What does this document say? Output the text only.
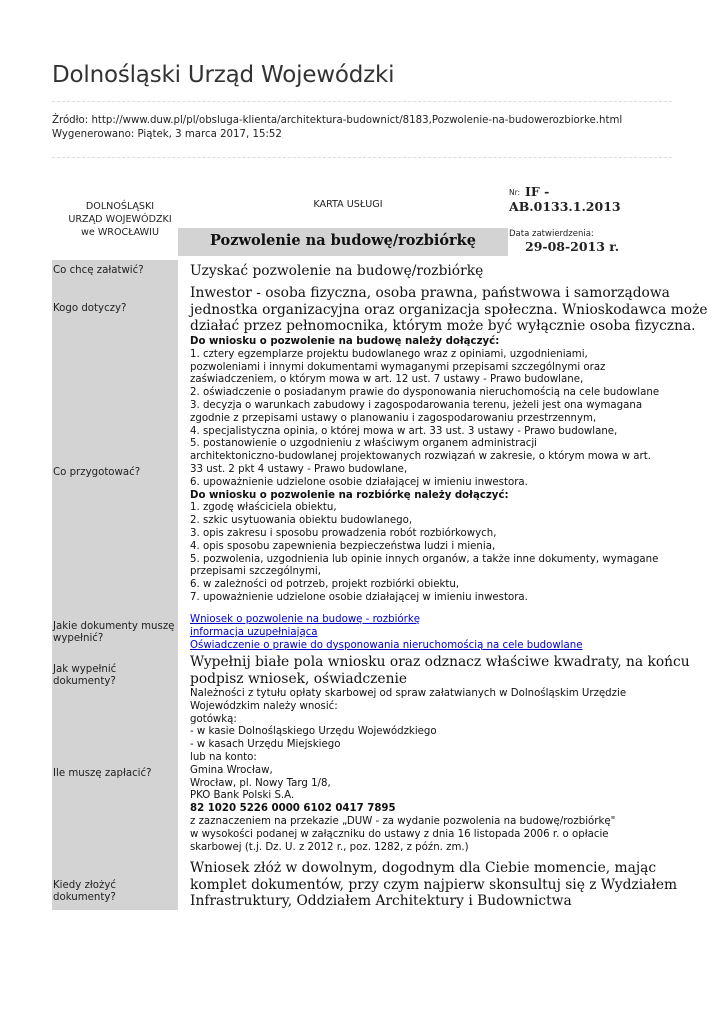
Dolnośląski Urząd Wojewódzki
Źródło: http://www.duw.pl/pl/obsluga-klienta/architektura-budownict/8183,Pozwolenie-na-budowerozbiorke.html
Wygenerowano: Piątek, 3 marca 2017, 15:52
DOLNOŚLĄSKI
URZĄD WOJEWÓDZKI
we WROCŁAWIU
KARTA USŁUGI
Pozwolenie na budowę/rozbiórkę
Nr: IF -
AB.0133.1.2013
Data zatwierdzenia:
29-08-2013 r.
Co chcę załatwić?
Kogo dotyczy?
Co przygotować?
Jakie dokumenty muszę
wypełnić?
Jak wypełnić dokumenty?
Ile muszę zapłacić?
Kiedy złożyć dokumenty?
Uzyskać pozwolenie na budowę/rozbiórkę
Inwestor - osoba fizyczna, osoba prawna, państwowa i samorządowa
jednostka organizacyjna oraz organizacja społeczna. Wnioskodawca może
działać przez pełnomocnika, którym może być wyłącznie osoba fizyczna.
Do wniosku o pozwolenie na budowę należy dołączyć:
1. cztery egzemplarze projektu budowlanego wraz z opiniami, uzgodnieniami,
pozwoleniami i innymi dokumentami wymaganymi przepisami szczególnymi oraz
zaświadczeniem, o którym mowa w art. 12 ust. 7 ustawy - Prawo budowlane,
2. oświadczenie o posiadanym prawie do dysponowania nieruchomością na cele budowlane
3. decyzja o warunkach zabudowy i zagospodarowania terenu, jeżeli jest ona wymagana
zgodnie z przepisami ustawy o planowaniu i zagospodarowaniu przestrzennym,
4. specjalistyczna opinia, o której mowa w art. 33 ust. 3 ustawy - Prawo budowlane,
5. postanowienie o uzgodnieniu z właściwym organem administracji
architektoniczno-budowlanej projektowanych rozwiązań w zakresie, o którym mowa w art.
33 ust. 2 pkt 4 ustawy - Prawo budowlane,
6. upoważnienie udzielone osobie działającej w imieniu inwestora.
Do wniosku o pozwolenie na rozbiórkę należy dołączyć:
1. zgodę właściciela obiektu,
2. szkic usytuowania obiektu budowlanego,
3. opis zakresu i sposobu prowadzenia robót rozbiórkowych,
4. opis sposobu zapewnienia bezpieczeństwa ludzi i mienia,
5. pozwolenia, uzgodnienia lub opinie innych organów, a także inne dokumenty, wymagane
przepisami szczególnymi,
6. w zależności od potrzeb, projekt rozbiórki obiektu,
7. upoważnienie udzielone osobie działającej w imieniu inwestora.
Wniosek o pozwolenie na budowę - rozbiórkę
informacja uzupełniająca
Oświadczenie o prawie do dysponowania nieruchomością na cele budowlane
Wypełnij białe pola wniosku oraz odznacz właściwe kwadraty, na końcu
podpisz wniosek, oświadczenie
Należności z tytułu opłaty skarbowej od spraw załatwianych w Dolnośląskim Urzędzie
Wojewódzkim należy wnosić:
gotówką:
- w kasie Dolnośląskiego Urzędu Wojewódzkiego
- w kasach Urzędu Miejskiego
lub na konto:
Gmina Wrocław,
Wrocław, pl. Nowy Targ 1/8,
PKO Bank Polski S.A.
82 1020 5226 0000 6102 0417 7895
z zaznaczeniem na przekazie „DUW - za wydanie pozwolenia na budowę/rozbiórkę"
w wysokości podanej w załączniku do ustawy z dnia 16 listopada 2006 r. o opłacie
skarbowej (t.j. Dz. U. z 2012 r., poz. 1282, z późn. zm.)
Wniosek złóż w dowolnym, dogodnym dla Ciebie momencie, mając
komplet dokumentów, przy czym najpierw skonsultuj się z Wydziałem
Infrastruktury, Oddziałem Architektury i Budownictwa
